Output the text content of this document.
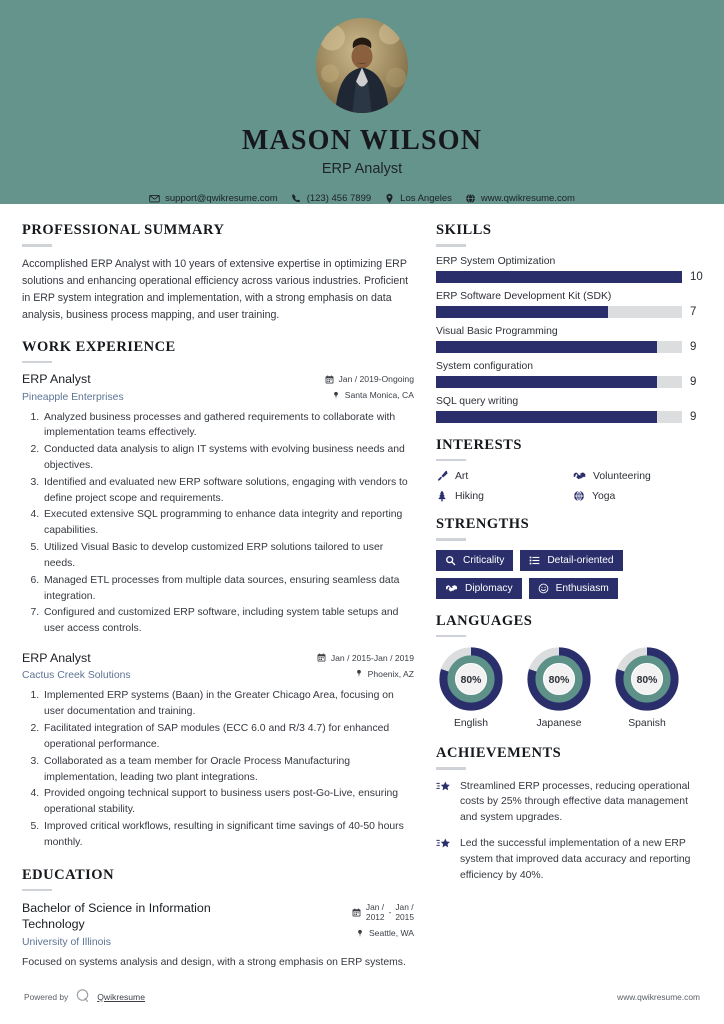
MASON WILSON
ERP Analyst
support@qwikresume.com	(123) 456 7899	Los Angeles	www.qwikresume.com
PROFESSIONAL SUMMARY
Accomplished ERP Analyst with 10 years of extensive expertise in optimizing ERP solutions and enhancing operational efficiency across various industries. Proficient in ERP system integration and implementation, with a strong emphasis on data analysis, business process mapping, and user training.
WORK EXPERIENCE
ERP Analyst
Pineapple Enterprises
Jan / 2019-Ongoing
Santa Monica, CA
1. Analyzed business processes and gathered requirements to collaborate with implementation teams effectively.
2. Conducted data analysis to align IT systems with evolving business needs and objectives.
3. Identified and evaluated new ERP software solutions, engaging with vendors to define project scope and requirements.
4. Executed extensive SQL programming to enhance data integrity and reporting capabilities.
5. Utilized Visual Basic to develop customized ERP solutions tailored to user needs.
6. Managed ETL processes from multiple data sources, ensuring seamless data integration.
7. Configured and customized ERP software, including system table setups and user access controls.
ERP Analyst
Cactus Creek Solutions
Jan / 2015-Jan / 2019
Phoenix, AZ
1. Implemented ERP systems (Baan) in the Greater Chicago Area, focusing on user documentation and training.
2. Facilitated integration of SAP modules (ECC 6.0 and R/3 4.7) for enhanced operational performance.
3. Collaborated as a team member for Oracle Process Manufacturing implementation, leading two plant integrations.
4. Provided ongoing technical support to business users post-Go-Live, ensuring operational stability.
5. Improved critical workflows, resulting in significant time savings of 40-50 hours monthly.
EDUCATION
Bachelor of Science in Information Technology
University of Illinois
Jan /
2012
-
Jan /
2015
Seattle, WA
Focused on systems analysis and design, with a strong emphasis on ERP systems.
SKILLS
ERP System Optimization
10
ERP Software Development Kit (SDK)
7
Visual Basic Programming
9
System configuration
9
SQL query writing
9
INTERESTS
Art	Volunteering
Hiking	Yoga
STRENGTHS
Criticality	Detail-oriented
Diplomacy	Enthusiasm
LANGUAGES
80%
English
80%
Japanese
80%
Spanish
ACHIEVEMENTS
Streamlined ERP processes, reducing operational costs by 25% through effective data management and system upgrades.
Led the successful implementation of a new ERP system that improved data accuracy and reporting efficiency by 40%.
Powered by	Qwikresume	www.qwikresume.com
